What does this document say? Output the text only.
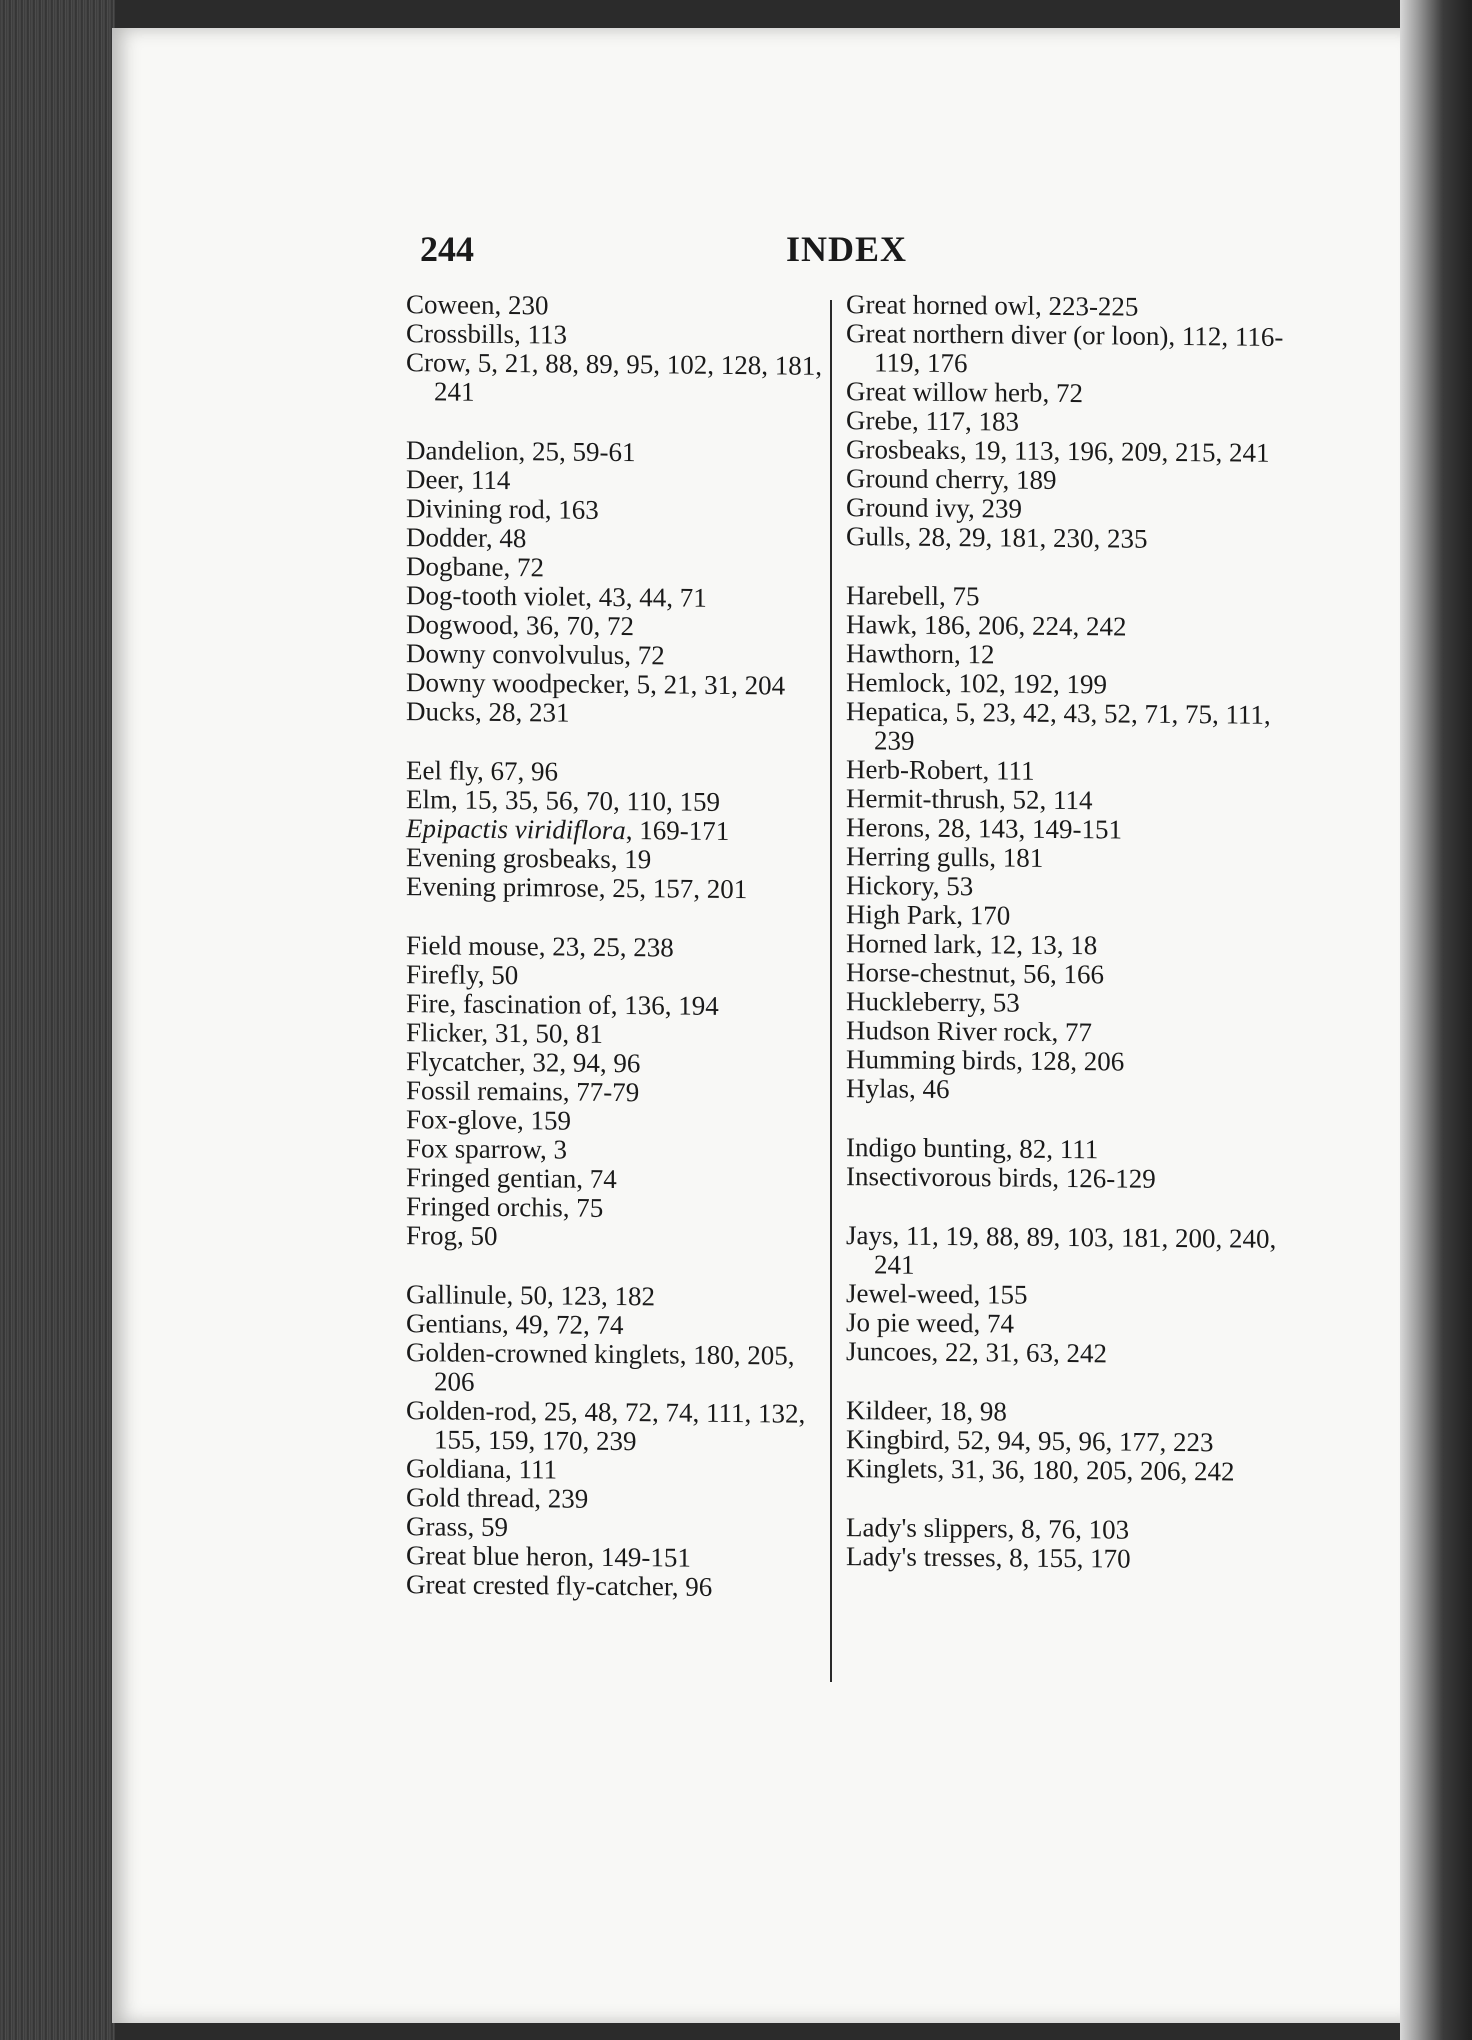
244	INDEX

Coween, 230

Crossbills, 113

Crow, 5, 21, 88, 89, 95, 102, 128, 181, 241

Dandelion, 25, 59-61

Deer, 114

Divining rod, 163

Dodder, 48

Dogbane, 72

Dog-tooth violet, 43, 44, 71

Dogwood, 36, 70, 72

Downy convolvulus, 72

Downy woodpecker, 5, 21, 31, 204

Ducks, 28, 231

Eel fly, 67, 96

Elm, 15, 35, 56, 70, 110, 159

Epipactis viridiflora, 169-171

Evening grosbeaks, 19

Evening primrose, 25, 157, 201

Field mouse, 23, 25, 238

Firefly, 50

Fire, fascination of, 136, 194

Flicker, 31, 50, 81

Flycatcher, 32, 94, 96

Fossil remains, 77-79

Fox-glove, 159

Fox sparrow, 3

Fringed gentian, 74

Fringed orchis, 75

Frog, 50

Gallinule, 50, 123, 182

Gentians, 49, 72, 74

Golden-crowned kinglets, 180, 205, 206

Golden-rod, 25, 48, 72, 74, 111, 132, 155, 159, 170, 239

Goldiana, 111

Gold thread, 239

Grass, 59

Great blue heron, 149-151

Great crested fly-catcher, 96

Great horned owl, 223-225

Great northern diver (or loon), 112, 116-119, 176

Great willow herb, 72

Grebe, 117, 183

Grosbeaks, 19, 113, 196, 209, 215, 241

Ground cherry, 189

Ground ivy, 239

Gulls, 28, 29, 181, 230, 235

Harebell, 75

Hawk, 186, 206, 224, 242

Hawthorn, 12

Hemlock, 102, 192, 199

Hepatica, 5, 23, 42, 43, 52, 71, 75, 111, 239

Herb-Robert, 111

Hermit-thrush, 52, 114

Herons, 28, 143, 149-151

Herring gulls, 181

Hickory, 53

High Park, 170

Horned lark, 12, 13, 18

Horse-chestnut, 56, 166

Huckleberry, 53

Hudson River rock, 77

Humming birds, 128, 206

Hylas, 46

Indigo bunting, 82, 111

Insectivorous birds, 126-129

Jays, 11, 19, 88, 89, 103, 181, 200, 240, 241

Jewel-weed, 155

Jo pie weed, 74

Juncoes, 22, 31, 63, 242

Kildeer, 18, 98

Kingbird, 52, 94, 95, 96, 177, 223

Kinglets, 31, 36, 180, 205, 206, 242

Lady's slippers, 8, 76, 103

Lady's tresses, 8, 155, 170
